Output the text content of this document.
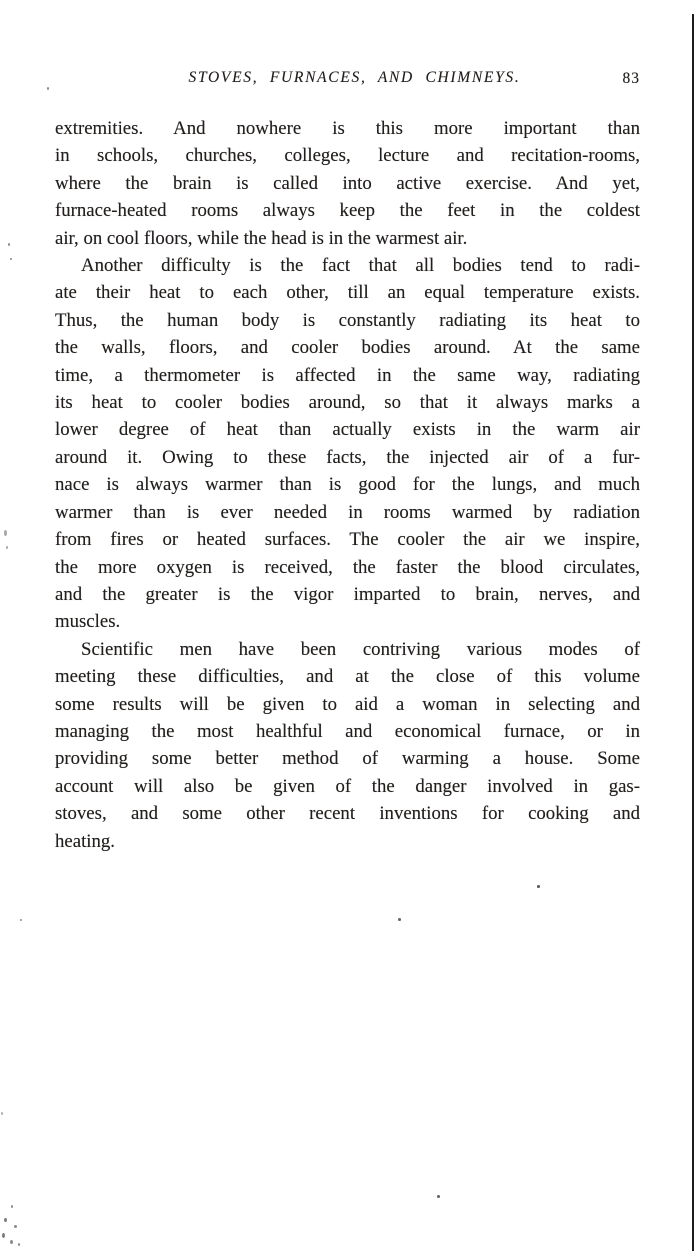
STOVES, FURNACES, AND CHIMNEYS.	83
extremities. And nowhere is this more important than
in schools, churches, colleges, lecture and recitation-rooms,
where the brain is called into active exercise. And yet,
furnace-heated rooms always keep the feet in the coldest
air, on cool floors, while the head is in the warmest air.
Another difficulty is the fact that all bodies tend to radi-
ate their heat to each other, till an equal temperature exists.
Thus, the human body is constantly radiating its heat to
the walls, floors, and cooler bodies around. At the same
time, a thermometer is affected in the same way, radiating
its heat to cooler bodies around, so that it always marks a
lower degree of heat than actually exists in the warm air
around it. Owing to these facts, the injected air of a fur-
nace is always warmer than is good for the lungs, and much
warmer than is ever needed in rooms warmed by radiation
from fires or heated surfaces. The cooler the air we inspire,
the more oxygen is received, the faster the blood circulates,
and the greater is the vigor imparted to brain, nerves, and
muscles.
Scientific men have been contriving various modes of
meeting these difficulties, and at the close of this volume
some results will be given to aid a woman in selecting and
managing the most healthful and economical furnace, or in
providing some better method of warming a house. Some
account will also be given of the danger involved in gas-
stoves, and some other recent inventions for cooking and
heating.
